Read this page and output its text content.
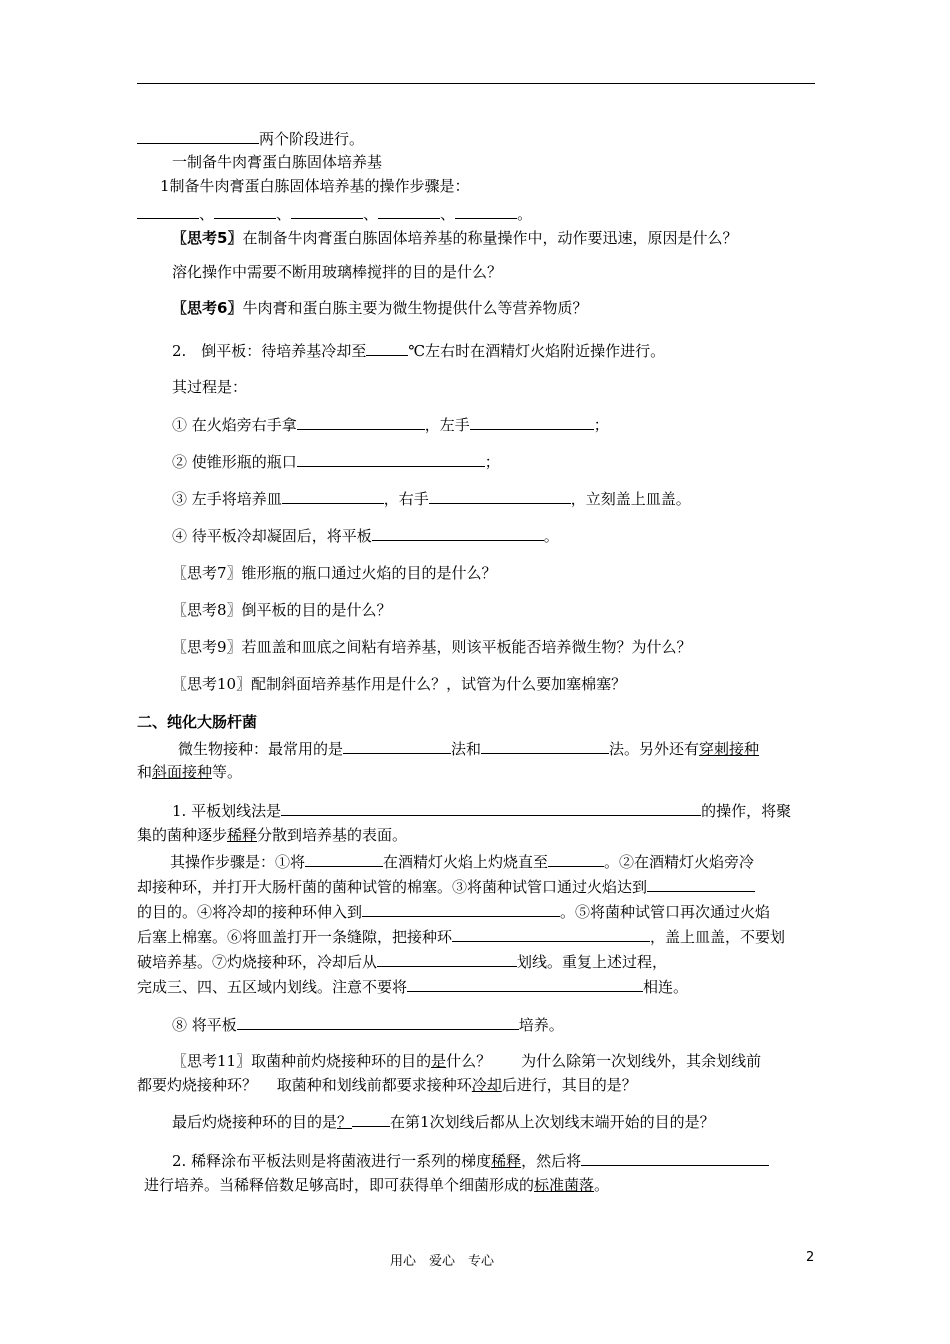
两个阶段进行。
一制备牛肉膏蛋白胨固体培养基
1制备牛肉膏蛋白胨固体培养基的操作步骤是：
、	、	、	、	。
〖思考5〗在制备牛肉膏蛋白胨固体培养基的称量操作中，动作要迅速，原因是什么？
溶化操作中需要不断用玻璃棒搅拌的目的是什么？
〖思考6〗牛肉膏和蛋白胨主要为微生物提供什么等营养物质？
2.　倒平板：待培养基冷却至	℃左右时在酒精灯火焰附近操作进行。
其过程是：
① 在火焰旁右手拿	，左手	；
② 使锥形瓶的瓶口	；
③ 左手将培养皿	，右手	，立刻盖上皿盖。
④ 待平板冷却凝固后，将平板	。
〖思考7〗锥形瓶的瓶口通过火焰的目的是什么？
〖思考8〗倒平板的目的是什么？
〖思考9〗若皿盖和皿底之间粘有培养基，则该平板能否培养微生物？为什么？
〖思考10〗配制斜面培养基作用是什么？，试管为什么要加塞棉塞？
二、纯化大肠杆菌
微生物接种：最常用的是	法和	法。另外还有穿刺接种
和斜面接种等。
1. 平板划线法是	的操作，将聚
集的菌种逐步稀释分散到培养基的表面。
其操作步骤是：①将	在酒精灯火焰上灼烧直至	。②在酒精灯火焰旁冷
却接种环，并打开大肠杆菌的菌种试管的棉塞。③将菌种试管口通过火焰达到
的目的。④将冷却的接种环伸入到	。⑤将菌种试管口再次通过火焰
后塞上棉塞。⑥将皿盖打开一条缝隙，把接种环	，盖上皿盖，不要划
破培养基。⑦灼烧接种环，冷却后从	划线。重复上述过程，
完成三、四、五区域内划线。注意不要将	相连。
⑧ 将平板	培养。
〖思考11〗取菌种前灼烧接种环的目的是什么？　　为什么除第一次划线外，其余划线前
都要灼烧接种环？　 取菌种和划线前都要求接种环冷却后进行，其目的是？
最后灼烧接种环的目的是？	在第1次划线后都从上次划线末端开始的目的是？
2. 稀释涂布平板法则是将菌液进行一系列的梯度稀释，然后将
进行培养。当稀释倍数足够高时，即可获得单个细菌形成的标准菌落。
用心　爱心　专心	2
